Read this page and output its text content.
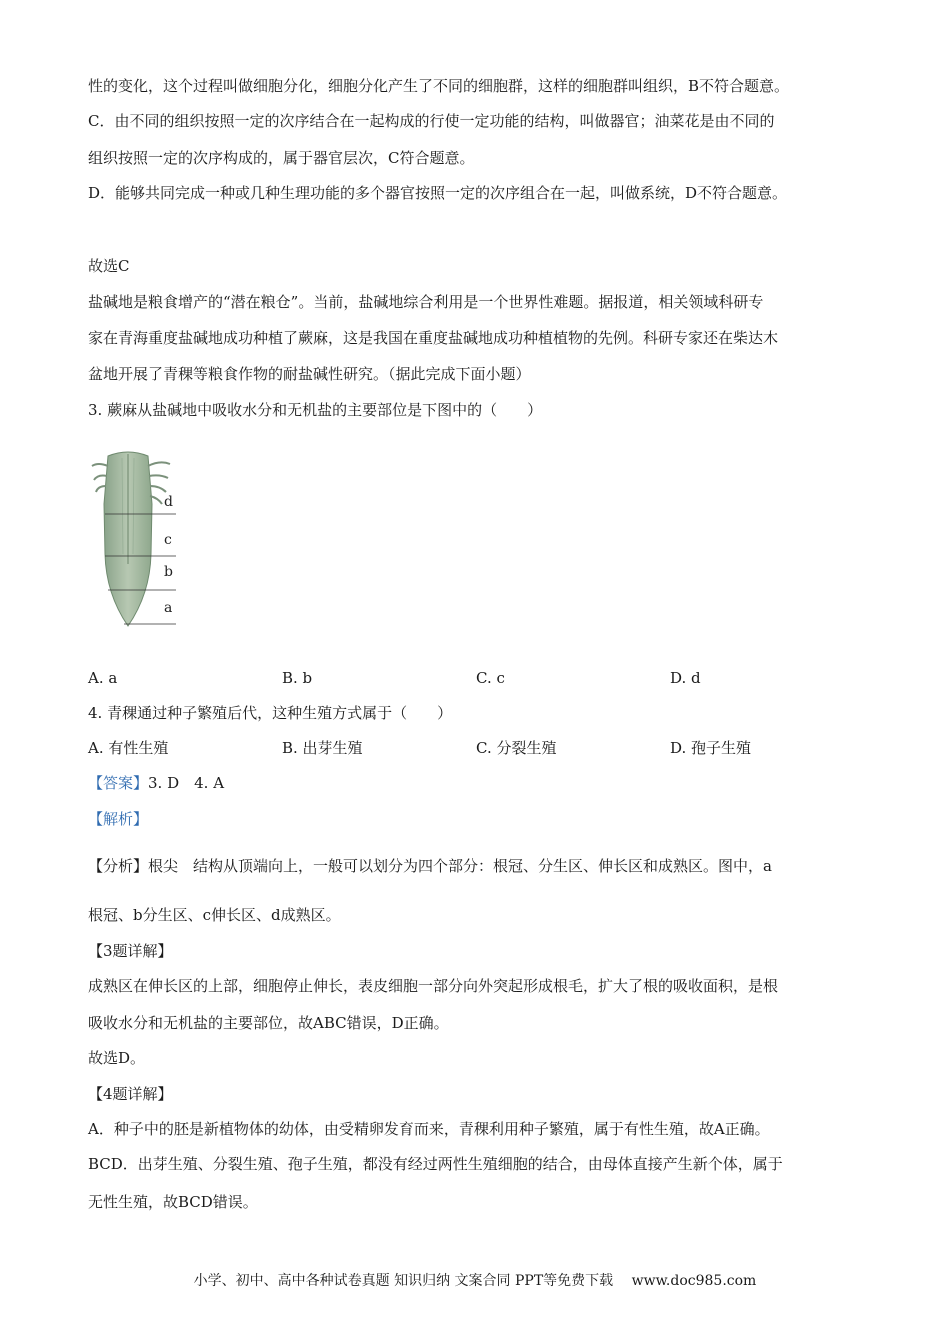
性的变化，这个过程叫做细胞分化，细胞分化产生了不同的细胞群，这样的细胞群叫组织，B不符合题意。
C．由不同的组织按照一定的次序结合在一起构成的行使一定功能的结构，叫做器官；油菜花是由不同的
组织按照一定的次序构成的，属于器官层次，C符合题意。
D．能够共同完成一种或几种生理功能的多个器官按照一定的次序组合在一起，叫做系统，D不符合题意。
故选C
盐碱地是粮食增产的“潜在粮仓”。当前，盐碱地综合利用是一个世界性难题。据报道，相关领域科研专
家在青海重度盐碱地成功种植了蕨麻，这是我国在重度盐碱地成功种植植物的先例。科研专家还在柴达木
盆地开展了青稞等粮食作物的耐盐碱性研究。（据此完成下面小题）
3. 蕨麻从盐碱地中吸收水分和无机盐的主要部位是下图中的（　　）
d
c
b
a
A. a	B. b	C. c	D. d
4. 青稞通过种子繁殖后代，这种生殖方式属于（　　）
A. 有性生殖	B. 出芽生殖	C. 分裂生殖	D. 孢子生殖
【答案】3. D　4. A
【解析】
【分析】根尖　结构从顶端向上，一般可以划分为四个部分：根冠、分生区、伸长区和成熟区。图中，a
根冠、b分生区、c伸长区、d成熟区。
【3题详解】
成熟区在伸长区的上部，细胞停止伸长，表皮细胞一部分向外突起形成根毛，扩大了根的吸收面积，是根
吸收水分和无机盐的主要部位，故ABC错误，D正确。
故选D。
【4题详解】
A．种子中的胚是新植物体的幼体，由受精卵发育而来，青稞利用种子繁殖，属于有性生殖，故A正确。
BCD．出芽生殖、分裂生殖、孢子生殖，都没有经过两性生殖细胞的结合，由母体直接产生新个体，属于
无性生殖，故BCD错误。
小学、初中、高中各种试卷真题 知识归纳 文案合同 PPT等免费下载　 www.doc985.com
